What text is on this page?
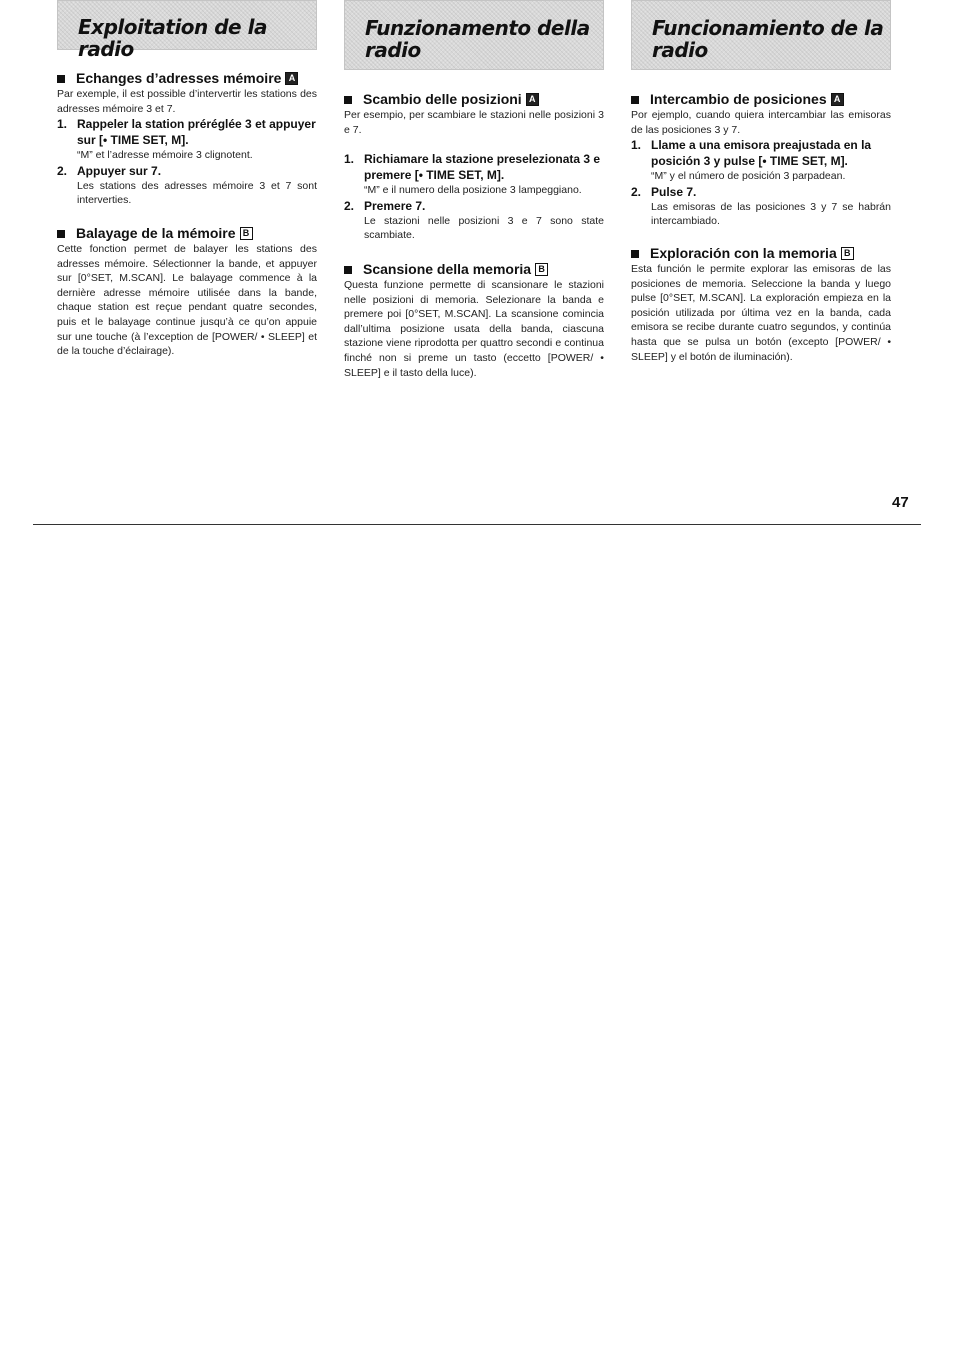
Exploitation de la radio
Echanges d’adresses mémoire A

Par exemple, il est possible d’intervertir les stations des adresses mémoire 3 et 7.

1. Rappeler la station préréglée 3 et appuyer sur [• TIME SET, M].
“M” et l’adresse mémoire 3 clignotent.
2. Appuyer sur 7.
Les stations des adresses mémoire 3 et 7 sont interverties.
Balayage de la mémoire B

Cette fonction permet de balayer les stations des adresses mémoire. Sélectionner la bande, et appuyer sur [0°SET, M.SCAN]. Le balayage commence à la dernière adresse mémoire utilisée dans la bande, chaque station est reçue pendant quatre secondes, puis et le balayage continue jusqu’à ce qu’on appuie sur une touche (à l’exception de [POWER/ • SLEEP] et de la touche d’éclairage).

Funzionamento della radio
Scambio delle posizioni A

Per esempio, per scambiare le stazioni nelle posizioni 3 e 7.

1. Richiamare la stazione preselezionata 3 e premere [• TIME SET, M].
“M” e il numero della posizione 3 lampeggiano.
2. Premere 7.
Le stazioni nelle posizioni 3 e 7 sono state scambiate.
Scansione della memoria B

Questa funzione permette di scansionare le stazioni nelle posizioni di memoria. Selezionare la banda e premere poi [0°SET, M.SCAN]. La scansione comincia dall’ultima posizione usata della banda, ciascuna stazione viene riprodotta per quattro secondi e continua finché non si preme un tasto (eccetto [POWER/ • SLEEP] e il tasto della luce).

Funcionamiento de la radio
Intercambio de posiciones A

Por ejemplo, cuando quiera intercambiar las emisoras de las posiciones 3 y 7.

1. Llame a una emisora preajustada en la posición 3 y pulse [• TIME SET, M].
“M” y el número de posición 3 parpadean.
2. Pulse 7.
Las emisoras de las posiciones 3 y 7 se habrán intercambiado.
Exploración con la memoria B

Esta función le permite explorar las emisoras de las posiciones de memoria. Seleccione la banda y luego pulse [0°SET, M.SCAN]. La exploración empieza en la posición utilizada por última vez en la banda, cada emisora se recibe durante cuatro segundos, y continúa hasta que se pulsa un botón (excepto [POWER/ • SLEEP] y el botón de iluminación).

47
